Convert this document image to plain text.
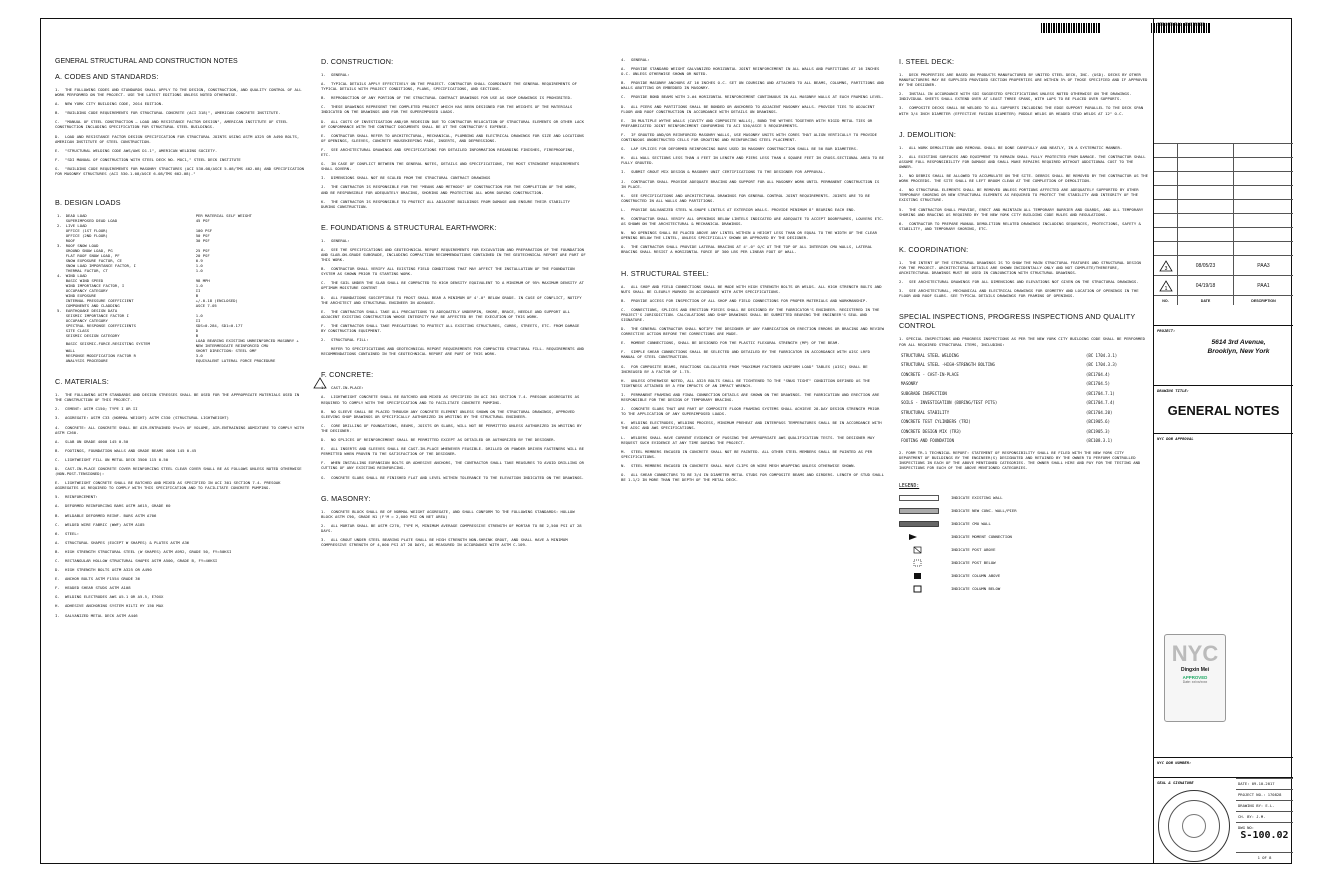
GENERAL STRUCTURAL AND CONSTRUCTION NOTES
A. CODES AND STANDARDS:
1. THE FOLLOWING CODES AND STANDARDS SHALL APPLY TO THE DESIGN, CONSTRUCTION, AND QUALITY CONTROL OF ALL WORK PERFORMED ON THE PROJECT. USE THE LATEST EDITIONS UNLESS NOTED OTHERWISE.
A. NEW YORK CITY BUILDING CODE, 2014 EDITION.
B. "BUILDING CODE REQUIREMENTS FOR STRUCTURAL CONCRETE (ACI 318)", AMERICAN CONCRETE INSTITUTE.
C. "MANUAL OF STEEL CONSTRUCTION — LOAD AND RESISTANCE FACTOR DESIGN", AMERICAN INSTITUTE OF STEEL CONSTRUCTION INCLUDING SPECIFICATION FOR STRUCTURAL STEEL BUILDINGS.
D. LOAD AND RESISTANCE FACTOR DESIGN SPECIFICATION FOR STRUCTURAL JOINTS USING ASTM A325 OR A490 BOLTS, AMERICAN INSTITUTE OF STEEL CONSTRUCTION.
E. "STRUCTURAL WELDING CODE AWS/AWS D1.1", AMERICAN WELDING SOCIETY.
F. "SDI MANUAL OF CONSTRUCTION WITH STEEL DECK NO. MOC1," STEEL DECK INSTITUTE
G. "BUILDING CODE REQUIREMENTS FOR MASONRY STRUCTURES (ACI 530-08/ASCE 5-08/TMS 402-08) AND SPECIFICATION FOR MASONRY STRUCTURES (ACI 530.1-08/ASCE 6-08/TMS 602-08)."
B. DESIGN LOADS
1.	DEAD LOAD	PER MATERIAL SELF WEIGHT
	SUPERIMPOSED DEAD LOAD	45 PSF
2.	LIVE LOAD	
	OFFICE (1ST FLOOR)	100 PSF
	OFFICE (2ND FLOOR)	50 PSF
	ROOF	30 PSF
3.	ROOF SNOW LOAD	
	GROUND SNOW LOAD, PG	25 PSF
	FLAT ROOF SNOW LOAD, PF	20 PSF
	SNOW EXPOSURE FACTOR, CE	0.9
	SNOW LOAD IMPORTANCE FACTOR, I	1.0
	THERMAL FACTOR, CT	1.0
4.	WIND LOAD	
	BASIC WIND SPEED	98 MPH
	WIND IMPORTANCE FACTOR, I	1.0
	OCCUPANCY CATEGORY	II
	WIND EXPOSURE	B
	INTERNAL PRESSURE COEFFICIENT	+/-0.18 (ENCLOSED)
	COMPONENTS AND CLADDING	ASCE 7-05
5.	EARTHQUAKE DESIGN DATA	
	SEISMIC IMPORTANCE FACTOR I	1.0
	OCCUPANCY CATEGORY	II
	SPECTRAL RESPONSE COEFFICIENTS	SDS=0.284, SD1=0.177
	SITE CLASS	D
	SEISMIC DESIGN CATEGORY	B
	BASIC SEISMIC-FORCE-RESISTING SYSTEM	LOAD BEARING EXISTING UNREINFORCED MASONRY + NEW INTERMEDIATE REINFORCED CMU
	WALL	SHORT DIRECTION: STEEL OMF
	RESPONSE MODIFICATION FACTOR R	3.0
	ANALYSIS PROCEDURE	EQUIVALENT LATERAL FORCE PROCEDURE
C. MATERIALS:
1. THE FOLLOWING ASTM STANDARDS AND DESIGN STRESSES SHALL BE USED FOR THE APPROPRIATE MATERIALS USED IN THE CONSTRUCTION OF THIS PROJECT.
2. CEMENT: ASTM C150; TYPE I OR II
3. AGGREGATE: ASTM C33 (NORMAL WEIGHT) ASTM C330 (STRUCTURAL LIGHTWEIGHT)
4. CONCRETE: ALL CONCRETE SHALL BE AIR-ENTRAINED 5%±1% OF VOLUME, AIR-ENTRAINING ADMIXTURE TO COMPLY WITH ASTM C260.
A. SLAB ON GRADE 4000 145 0.50
B. FOOTINGS, FOUNDATION WALLS AND GRADE BEAMS 4000 145 0.45
C. LIGHTWEIGHT FILL ON METAL DECK 3500 115 0.50
D. CAST-IN-PLACE CONCRETE COVER REINFORCING STEEL CLEAR COVER SHALL BE AS FOLLOWS UNLESS NOTED OTHERWISE (NON-POST-TENSIONED):
E. LIGHTWEIGHT CONCRETE SHALL BE BATCHED AND MIXED AS SPECIFIED IN ACI 301 SECTION 7.4. PRESOAK AGGREGATES AS REQUIRED TO COMPLY WITH THIS SPECIFICATION AND TO FACILITATE CONCRETE PUMPING.
5. REINFORCEMENT:
A. DEFORMED REINFORCING BARS ASTM A615, GRADE 60
B. WELDABLE DEFORMED REINF. BARS ASTM A706
C. WELDED WIRE FABRIC (WWF) ASTM A185
6. STEEL:
A. STRUCTURAL SHAPES (EXCEPT W SHAPES) & PLATES ASTM A36
B. HIGH STRENGTH STRUCTURAL STEEL (W SHAPES) ASTM A992, GRADE 50, FY=50KSI
C. RECTANGULAR HOLLOW STRUCTURAL SHAPES ASTM A500, GRADE B, FY=46KSI
D. HIGH STRENGTH BOLTS ASTM A325 OR A490
E. ANCHOR BOLTS ASTM F1554 GRADE 36
F. HEADED SHEAR STUDS ASTM A108
G. WELDING ELECTRODES AWS A5.1 OR A5.5, E70XX
H. ADHESIVE ANCHORING SYSTEM HILTI HY 150 MAX
I. GALVANIZED METAL DECK ASTM A446
D. CONSTRUCTION:
1. GENERAL:
A. TYPICAL DETAILS APPLY EFFECTIVELY ON THE PROJECT. CONTRACTOR SHALL COORDINATE THE GENERAL REQUIREMENTS OF TYPICAL DETAILS WITH PROJECT CONDITIONS, PLANS, SPECIFICATIONS, AND SECTIONS.
B. REPRODUCTION OF ANY PORTION OF THE STRUCTURAL CONTRACT DRAWINGS FOR USE AS SHOP DRAWINGS IS PROHIBITED.
C. THESE DRAWINGS REPRESENT THE COMPLETED PROJECT WHICH HAS BEEN DESIGNED FOR THE WEIGHTS OF THE MATERIALS INDICATED ON THE DRAWINGS AND FOR THE SUPERIMPOSED LOADS.
D. ALL COSTS OF INVESTIGATION AND/OR REDESIGN DUE TO CONTRACTOR RELOCATION OF STRUCTURAL ELEMENTS OR OTHER LACK OF CONFORMANCE WITH THE CONTRACT DOCUMENTS SHALL BE AT THE CONTRACTOR'S EXPENSE.
E. CONTRACTOR SHALL REFER TO ARCHITECTURAL, MECHANICAL, PLUMBING AND ELECTRICAL DRAWINGS FOR SIZE AND LOCATIONS OF OPENINGS, SLEEVES, CONCRETE HOUSEKEEPING PADS, INSERTS, AND DEPRESSIONS.
F. SEE ARCHITECTURAL DRAWINGS AND SPECIFICATIONS FOR DETAILED INFORMATION REGARDING FINISHES, FIREPROOFING, ETC.
G. IN CASE OF CONFLICT BETWEEN THE GENERAL NOTES, DETAILS AND SPECIFICATIONS, THE MOST STRINGENT REQUIREMENTS SHALL GOVERN.
I. DIMENSIONS SHALL NOT BE SCALED FROM THE STRUCTURAL CONTRACT DRAWINGS
J. THE CONTRACTOR IS RESPONSIBLE FOR THE "MEANS AND METHODS" OF CONSTRUCTION FOR THE COMPLETION OF THE WORK, AND BE RESPONSIBLE FOR ADEQUATELY BRACING, SHORING AND PROTECTING ALL WORK DURING CONSTRUCTION.
K. THE CONTRACTOR IS RESPONSIBLE TO PROTECT ALL ADJACENT BUILDINGS FROM DAMAGE AND ENSURE THEIR STABILITY DURING CONSTRUCTION.
E. FOUNDATIONS & STRUCTURAL EARTHWORK:
1. GENERAL:
A. SEE THE SPECIFICATIONS AND GEOTECHNICAL REPORT REQUIREMENTS FOR EXCAVATION AND PREPARATION OF THE FOUNDATION AND SLAB-ON-GRADE SUBGRADE, INCLUDING COMPACTION RECOMMENDATIONS CONTAINED IN THE GEOTECHNICAL REPORT ARE PART OF THIS WORK.
B. CONTRACTOR SHALL VERIFY ALL EXISTING FIELD CONDITIONS THAT MAY AFFECT THE INSTALLATION OF THE FOUNDATION SYSTEM AS SHOWN PRIOR TO STARTING WORK.
C. THE SOIL UNDER THE SLAB SHALL BE COMPACTED TO HIGH DENSITY EQUIVALENT TO A MINIMUM OF 95% MAXIMUM DENSITY AT OPTIMUM MOISTURE CONTENT
D. ALL FOUNDATIONS SUSCEPTIBLE TO FROST SHALL BEAR A MINIMUM OF 4'-0" BELOW GRADE. IN CASE OF CONFLICT, NOTIFY THE ARCHITECT AND STRUCTURAL ENGINEER IN ADVANCE.
E. THE CONTRACTOR SHALL TAKE ALL PRECAUTIONS TO ADEQUATELY UNDERPIN, SHORE, BRACE, NEEDLE AND SUPPORT ALL ADJACENT EXISTING CONSTRUCTION WHOSE INTEGRITY MAY BE AFFECTED BY THE EXECUTION OF THIS WORK.
F. THE CONTRACTOR SHALL TAKE PRECAUTIONS TO PROTECT ALL EXISTING STRUCTURES, CURBS, STREETS, ETC. FROM DAMAGE BY CONSTRUCTION EQUIPMENT.
2. STRUCTURAL FILL:
REFER TO SPECIFICATIONS AND GEOTECHNICAL REPORT REQUIREMENTS FOR COMPACTED STRUCTURAL FILL. REQUIREMENTS AND RECOMMENDATIONS CONTAINED IN THE GEOTECHNICAL REPORT ARE PART OF THIS WORK.
F. CONCRETE:
1. CAST-IN-PLACE:
A. LIGHTWEIGHT CONCRETE SHALL BE BATCHED AND MIXED AS SPECIFIED IN ACI 301 SECTION 7.4. PRESOAK AGGREGATES AS REQUIRED TO COMPLY WITH THE SPECIFICATION AND TO FACILITATE CONCRETE PUMPING.
B. NO SLEEVE SHALL BE PLACED THROUGH ANY CONCRETE ELEMENT UNLESS SHOWN ON THE STRUCTURAL DRAWINGS, APPROVED SLEEVING SHOP DRAWINGS OR SPECIFICALLY AUTHORIZED IN WRITING BY THE STRUCTURAL ENGINEER.
C. CORE DRILLING OF FOUNDATIONS, BEAMS, JOISTS OR SLABS, WILL NOT BE PERMITTED UNLESS AUTHORIZED IN WRITING BY THE DESIGNER.
D. NO SPLICES OF REINFORCEMENT SHALL BE PERMITTED EXCEPT AS DETAILED OR AUTHORIZED BY THE DESIGNER.
E. ALL INSERTS AND SLEEVES SHALL BE CAST-IN-PLACE WHENEVER FEASIBLE. DRILLED OR POWDER DRIVEN FASTENERS WILL BE PERMITTED WHEN PROVEN TO THE SATISFACTION OF THE DESIGNER.
F. WHEN INSTALLING EXPANSION BOLTS OR ADHESIVE ANCHORS, THE CONTRACTOR SHALL TAKE MEASURES TO AVOID DRILLING OR CUTTING OF ANY EXISTING REINFORCING.
G. CONCRETE SLABS SHALL BE FINISHED FLAT AND LEVEL WITHIN TOLERANCE TO THE ELEVATION INDICATED ON THE DRAWINGS.
G. MASONRY:
1. CONCRETE BLOCK SHALL BE OF NORMAL WEIGHT AGGREGATE, AND SHALL CONFORM TO THE FOLLOWING STANDARDS: HOLLOW BLOCK ASTM C90, GRADE N1 (F'M = 2,000 PSI ON NET AREA)
2. ALL MORTAR SHALL BE ASTM C270, TYPE M, MINIMUM AVERAGE COMPRESSIVE STRENGTH OF MORTAR TO BE 2,500 PSI AT 28 DAYS.
3. ALL GROUT UNDER STEEL BEARING PLATE SHALL BE HIGH STRENGTH NON-SHRINK GROUT, AND SHALL HAVE A MINIMUM COMPRESSIVE STRENGTH OF 4,000 PSI AT 28 DAYS, AS MEASURED IN ACCORDANCE WITH ASTM C-109.
4. GENERAL:
A. PROVIDE STANDARD WEIGHT GALVANIZED HORIZONTAL JOINT REINFORCEMENT IN ALL WALLS AND PARTITIONS AT 16 INCHES O.C. UNLESS OTHERWISE SHOWN OR NOTED.
B. PROVIDE MASONRY ANCHORS AT 16 INCHES O.C. SET ON COURSING AND ATTACHED TO ALL BEAMS, COLUMNS, PARTITIONS AND WALLS ABUTTING OR EMBEDDED IN MASONRY.
C. PROVIDE BOND BEAMS WITH 2-#4 HORIZONTAL REINFORCEMENT CONTINUOUS IN ALL MASONRY WALLS AT EACH FRAMING LEVEL.
D. ALL PIERS AND PARTITIONS SHALL BE BONDED OR ANCHORED TO ADJACENT MASONRY WALLS. PROVIDE TIES TO ADJACENT FLOOR AND ROOF CONSTRUCTION IN ACCORDANCE WITH DETAILS ON DRAWINGS.
E. IN MULTIPLE WYTHE WALLS (CAVITY AND COMPOSITE WALLS), BOND THE WYTHES TOGETHER WITH RIGID METAL TIES OR PREFABRICATED JOINT REINFORCEMENT CONFORMING TO ACI 530/ASCE 5 REQUIREMENTS.
F. IF GROUTED AND/OR REINFORCED MASONRY WALLS, USE MASONRY UNITS WITH CORES THAT ALIGN VERTICALLY TO PROVIDE CONTINUOUS UNOBSTRUCTED CELLS FOR GROUTING AND REINFORCING STEEL PLACEMENT.
G. LAP SPLICES FOR DEFORMED REINFORCING BARS USED IN MASONRY CONSTRUCTION SHALL BE 50 BAR DIAMETERS.
H. ALL WALL SECTIONS LESS THAN 4 FEET IN LENGTH AND PIERS LESS THAN 4 SQUARE FEET IN CROSS-SECTIONAL AREA TO BE FULLY GROUTED.
I. SUBMIT GROUT MIX DESIGN & MASONRY UNIT CERTIFICATIONS TO THE DESIGNER FOR APPROVAL.
J. CONTRACTOR SHALL PROVIDE ADEQUATE BRACING AND SUPPORT FOR ALL MASONRY WORK UNTIL PERMANENT CONSTRUCTION IS IN PLACE.
K. SEE SPECIFICATIONS AND ARCHITECTURAL DRAWINGS FOR GENERAL CONTROL JOINT REQUIREMENTS. JOINTS ARE TO BE CONSTRUCTED IN ALL WALLS AND PARTITIONS.
L. PROVIDE GALVANIZED STEEL W-SHAPE LINTELS AT EXTERIOR WALLS. PROVIDE MINIMUM 8" BEARING EACH END.
M. CONTRACTOR SHALL VERIFY ALL OPENINGS BELOW LINTELS INDICATED ARE ADEQUATE TO ACCEPT DOORFRAMES, LOUVERS ETC. AS SHOWN ON THE ARCHITECTURAL & MECHANICAL DRAWINGS.
N. NO OPENINGS SHALL BE PLACED ABOVE ANY LINTEL WITHIN A HEIGHT LESS THAN OR EQUAL TO THE WIDTH OF THE CLEAR OPENING BELOW THE LINTEL, UNLESS SPECIFICALLY SHOWN OR APPROVED BY THE DESIGNER.
O. THE CONTRACTOR SHALL PROVIDE LATERAL BRACING AT 4'-0" O/C AT THE TOP OF ALL INTERIOR CMU WALLS, LATERAL BRACING SHALL RESIST A HORIZONTAL FORCE OF 300 LBS PER LINEAR FOOT OF WALL.
H. STRUCTURAL STEEL:
A. ALL SHOP AND FIELD CONNECTIONS SHALL BE MADE WITH HIGH STRENGTH BOLTS OR WELDS. ALL HIGH STRENGTH BOLTS AND NUTS SHALL BE CLEARLY MARKED IN ACCORDANCE WITH ASTM SPECIFICATIONS.
B. PROVIDE ACCESS FOR INSPECTION OF ALL SHOP AND FIELD CONNECTIONS FOR PROPER MATERIALS AND WORKMANSHIP.
C. CONNECTIONS, SPLICES AND ERECTION PIECES SHALL BE DESIGNED BY THE FABRICATOR'S ENGINEER. REGISTERED IN THE PROJECT'S JURISDICTION. CALCULATIONS AND SHOP DRAWINGS SHALL BE SUBMITTED BEARING THE ENGINEER'S SEAL AND SIGNATURE.
D. THE GENERAL CONTRACTOR SHALL NOTIFY THE DESIGNER OF ANY FABRICATION OR ERECTION ERRORS OR BRACING AND REVIEW CORRECTIVE ACTION BEFORE THE CORRECTIONS ARE MADE.
E. MOMENT CONNECTIONS, SHALL BE DESIGNED FOR THE PLASTIC FLEXURAL STRENGTH (MP) OF THE BEAM.
F. SIMPLE SHEAR CONNECTIONS SHALL BE SELECTED AND DETAILED BY THE FABRICATOR IN ACCORDANCE WITH AISC LRFD MANUAL OF STEEL CONSTRUCTION.
G. FOR COMPOSITE BEAMS, REACTIONS CALCULATED FROM "MAXIMUM FACTORED UNIFORM LOAD" TABLES (AISC) SHALL BE INCREASED BY A FACTOR OF 1.75.
H. UNLESS OTHERWISE NOTED, ALL A325 BOLTS SHALL BE TIGHTENED TO THE "SNUG TIGHT" CONDITION DEFINED AS THE TIGHTNESS ATTAINED BY A FEW IMPACTS OF AN IMPACT WRENCH.
I. PERMANENT FRAMING AND FINAL CONNECTION DETAILS ARE SHOWN ON THE DRAWINGS. THE FABRICATION AND ERECTION ARE RESPONSIBLE FOR THE DESIGN OF TEMPORARY BRACING.
J. CONCRETE SLABS THAT ARE PART OF COMPOSITE FLOOR FRAMING SYSTEMS SHALL ACHIEVE 28-DAY DESIGN STRENGTH PRIOR TO THE APPLICATION OF ANY SUPERIMPOSED LOADS.
K. WELDING ELECTRODES, WELDING PROCESS, MINIMUM PREHEAT AND INTERPASS TEMPERATURES SHALL BE IN ACCORDANCE WITH THE AISC AND AWS SPECIFICATIONS.
L. WELDERS SHALL HAVE CURRENT EVIDENCE OF PASSING THE APPROPRIATE AWS QUALIFICATION TESTS. THE DESIGNER MAY REQUEST SUCH EVIDENCE AT ANY TIME DURING THE PROJECT.
M. STEEL MEMBERS ENCASED IN CONCRETE SHALL NOT BE PAINTED. ALL OTHER STEEL MEMBERS SHALL BE PAINTED AS PER SPECIFICATIONS.
N. STEEL MEMBERS ENCASED IN CONCRETE SHALL HAVE CLIPS OR WIRE MESH WRAPPING UNLESS OTHERWISE SHOWN.
O. ALL SHEAR CONNECTORS TO BE 3/4 IN DIAMETER METAL STUDS FOR COMPOSITE BEAMS AND GIRDERS. LENGTH OF STUD SHALL BE 1-1/2 IN MORE THAN THE DEPTH OF THE METAL DECK.
I. STEEL DECK:
1. DECK PROPERTIES ARE BASED ON PRODUCTS MANUFACTURED BY UNITED STEEL DECK, INC. (USD). DECKS BY OTHER MANUFACTURERS MAY BE SUPPLIED PROVIDED SECTION PROPERTIES ARE WITHIN 5% OF THOSE SPECIFIED AND IF APPROVED BY THE DESIGNER.
2. INSTALL IN ACCORDANCE WITH SDI SUGGESTED SPECIFICATIONS UNLESS NOTED OTHERWISE ON THE DRAWINGS. INDIVIDUAL SHEETS SHALL EXTEND OVER AT LEAST THREE SPANS, WITH LAPS TO BE PLACED OVER SUPPORTS.
3. COMPOSITE DECKS SHALL BE WELDED TO ALL SUPPORTS INCLUDING THE EDGE SUPPORT PARALLEL TO THE DECK SPAN WITH 3/4 INCH DIAMETER (EFFECTIVE FUSION DIAMETER) PUDDLE WELDS OR HEADED STUD WELDS AT 12" O.C.
J. DEMOLITION:
1. ALL WORK DEMOLITION AND REMOVAL SHALL BE DONE CAREFULLY AND NEATLY, IN A SYSTEMATIC MANNER.
2. ALL EXISTING SURFACES AND EQUIPMENT TO REMAIN SHALL FULLY PROTECTED FROM DAMAGE. THE CONTRACTOR SHALL ASSUME FULL RESPONSIBILITY FOR DAMAGE AND SHALL MAKE REPAIRS REQUIRED WITHOUT ADDITIONAL COST TO THE OWNER.
3. NO DEBRIS SHALL BE ALLOWED TO ACCUMULATE ON THE SITE. DEBRIS SHALL BE REMOVED BY THE CONTRACTOR AS THE WORK PROCEEDS. THE SITE SHALL BE LEFT BROOM CLEAN AT THE COMPLETION OF DEMOLITION.
4. NO STRUCTURAL ELEMENTS SHALL BE REMOVED UNLESS PORTIONS AFFECTED ARE ADEQUATELY SUPPORTED BY OTHER TEMPORARY SHORING OR NEW STRUCTURAL ELEMENTS AS REQUIRED TO PROTECT THE STABILITY AND INTEGRITY OF THE EXISTING STRUCTURE.
5. THE CONTRACTOR SHALL PROVIDE, ERECT AND MAINTAIN ALL TEMPORARY BARRIER AND GUARDS, AND ALL TEMPORARY SHORING AND BRACING AS REQUIRED BY THE NEW YORK CITY BUILDING CODE RULES AND REGULATIONS.
6. CONTRACTOR TO PREPARE MANUAL DEMOLITION RELATED DRAWINGS INCLUDING SEQUENCES, PROTECTIONS, SAFETY & STABILITY, AND TEMPORARY SHORING, ETC.
K. COORDINATION:
1. THE INTENT OF THE STRUCTURAL DRAWINGS IS TO SHOW THE MAIN STRUCTURAL FEATURES AND STRUCTURAL DESIGN FOR THE PROJECT. ARCHITECTURAL DETAILS ARE SHOWN INCIDENTALLY ONLY AND NOT COMPLETE/THEREFORE, ARCHITECTURAL DRAWINGS MUST BE USED IN CONJUNCTION WITH STRUCTURAL DRAWINGS.
2. SEE ARCHITECTURAL DRAWINGS FOR ALL DIMENSIONS AND ELEVATIONS NOT GIVEN ON THE STRUCTURAL DRAWINGS.
3. SEE ARCHITECTURAL, MECHANICAL AND ELECTRICAL DRAWINGS FOR GEOMETRY AND LOCATION OF OPENINGS IN THE FLOOR AND ROOF SLABS. SEE TYPICAL DETAILS DRAWINGS FOR FRAMING OF OPENINGS.
SPECIAL INSPECTIONS, PROGRESS INSPECTIONS AND QUALITY CONTROL
1. SPECIAL INSPECTIONS AND PROGRESS INSPECTIONS AS PER THE NEW YORK CITY BUILDING CODE SHALL BE PERFORMED FOR ALL REQUIRED STRUCTURAL ITEMS, INCLUDING:
STRUCTURAL STEEL WELDING	(BC 1704.3.1)
STRUCTURAL STEEL -HIGH-STRENGTH BOLTING	(BC 1704.3.3)
CONCRETE - CAST-IN-PLACE	(BC1704.4)
MASONRY	(BC1704.5)
SUBGRADE INSPECTION	(BC1704.7.1)
SOILS - INVESTIGATION (BORING/TEST PITS)	(BC1704.7.4)
STRUCTURAL STABILITY	(BC1704.20)
CONCRETE TEST CYLINDERS (TR2)	(BC1905.6)
CONCRETE DESIGN MIX (TR3)	(BC1905.3)
FOOTING AND FOUNDATION	(BC108.3.1)
2. FORM TR-1 TECHNICAL REPORT: STATEMENT OF RESPONSIBILITY SHALL BE FILED WITH THE NEW YORK CITY DEPARTMENT OF BUILDINGS BY THE ENGINEER(S) DESIGNATED AND RETAINED BY THE OWNER TO PERFORM CONTROLLED INSPECTIONS IN EACH OF THE ABOVE MENTIONED CATEGORIES. THE OWNER SHALL HIRE AND PAY FOR THE TESTING AND INSPECTIONS FOR EACH OF THE ABOVE MENTIONED CATEGORIES.
LEGEND:
INDICATE EXISTING WALL
INDICATE NEW CONC. WALL/PIER
INDICATE CMU WALL
INDICATE MOMENT CONNECTION
INDICATE POST ABOVE
INDICATE POST BELOW
INDICATE COLUMN ABOVE
INDICATE COLUMN BELOW
STRUCTURAL ENGINEER:
3	08/05/23	PAA3
1	04/19/18	PAA1
NO.	DATE	DESCRIPTION
PROJECT:
5614 3rd Avenue,
Brooklyn, New York
DRAWING TITLE:
GENERAL NOTES
NYC DOB APPROVAL
NYC
Dingxin Mei
APPROVED
Date: xx/xx/xxxx
NYC DOB NUMBER:
SEAL & SIGNATURE	DATE: 09-10-2017
PROJECT NO.: 170828
DRAWING BY: E.L.
CH. BY: J.M.
DWG NO:
S-100.02
1 OF 8
